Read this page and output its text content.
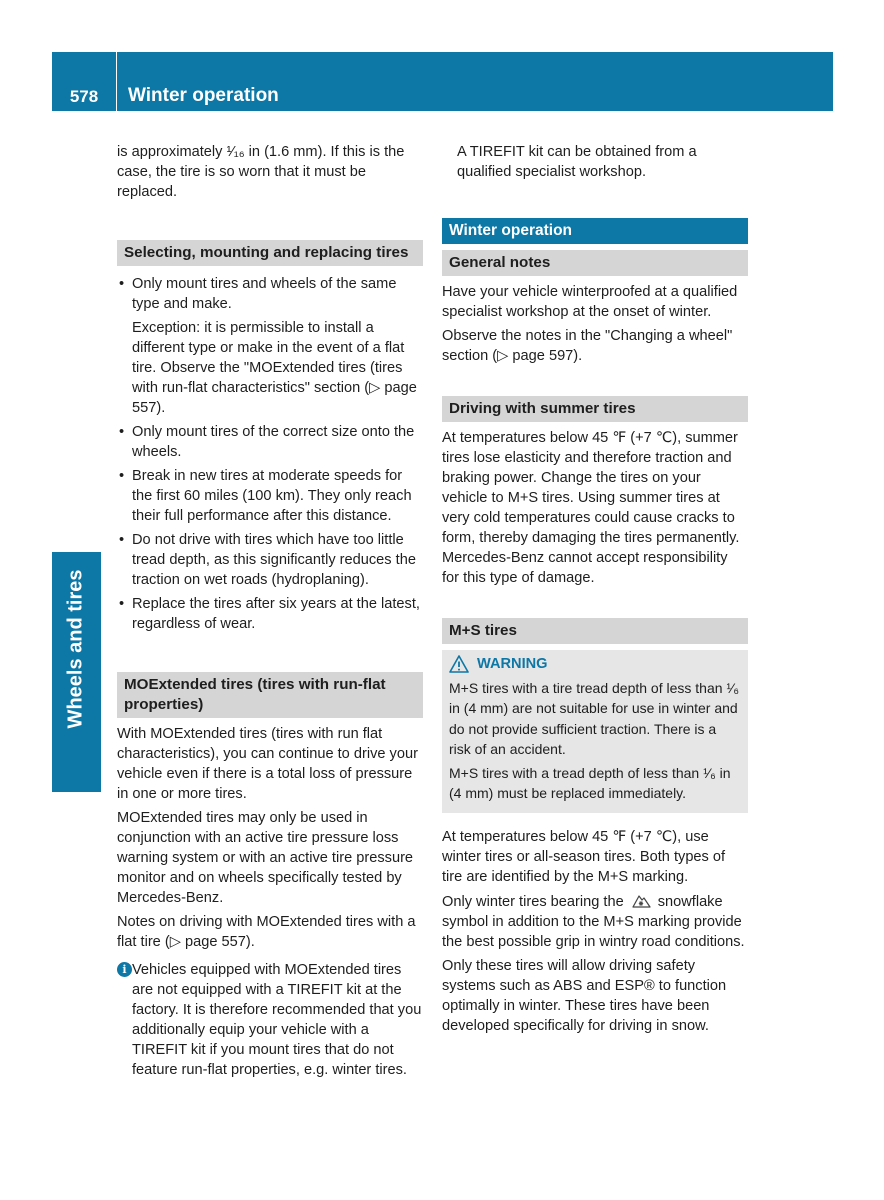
578	Winter operation
Wheels and tires

is approximately ¹⁄₁₆ in (1.6 mm). If this is the case, the tire is so worn that it must be replaced.

Selecting, mounting and replacing tires
• Only mount tires and wheels of the same type and make.
Exception: it is permissible to install a different type or make in the event of a flat tire. Observe the "MOExtended tires (tires with run-flat characteristics" section (▷ page 557).
• Only mount tires of the correct size onto the wheels.
• Break in new tires at moderate speeds for the first 60 miles (100 km). They only reach their full performance after this distance.
• Do not drive with tires which have too little tread depth, as this significantly reduces the traction on wet roads (hydroplaning).
• Replace the tires after six years at the latest, regardless of wear.
MOExtended tires (tires with run-flat properties)

With MOExtended tires (tires with run flat characteristics), you can continue to drive your vehicle even if there is a total loss of pressure in one or more tires.

MOExtended tires may only be used in conjunction with an active tire pressure loss warning system or with an active tire pressure monitor and on wheels specifically tested by Mercedes-Benz.

Notes on driving with MOExtended tires with a flat tire (▷ page 557).

i Vehicles equipped with MOExtended tires are not equipped with a TIREFIT kit at the factory. It is therefore recommended that you additionally equip your vehicle with a TIREFIT kit if you mount tires that do not feature run-flat properties, e.g. winter tires.

A TIREFIT kit can be obtained from a qualified specialist workshop.

Winter operation
General notes

Have your vehicle winterproofed at a qualified specialist workshop at the onset of winter.

Observe the notes in the "Changing a wheel" section (▷ page 597).

Driving with summer tires

At temperatures below 45 ℉ (+7 ℃), summer tires lose elasticity and therefore traction and braking power. Change the tires on your vehicle to M+S tires. Using summer tires at very cold temperatures could cause cracks to form, thereby damaging the tires permanently. Mercedes-Benz cannot accept responsibility for this type of damage.

M+S tires
WARNING

M+S tires with a tire tread depth of less than ¹⁄₆ in (4 mm) are not suitable for use in winter and do not provide sufficient traction. There is a risk of an accident.

M+S tires with a tread depth of less than ¹⁄₆ in (4 mm) must be replaced immediately.

At temperatures below 45 ℉ (+7 ℃), use winter tires or all-season tires. Both types of tire are identified by the M+S marking.

Only winter tires bearing the snowflake symbol in addition to the M+S marking provide the best possible grip in wintry road conditions.

Only these tires will allow driving safety systems such as ABS and ESP® to function optimally in winter. These tires have been developed specifically for driving in snow.
